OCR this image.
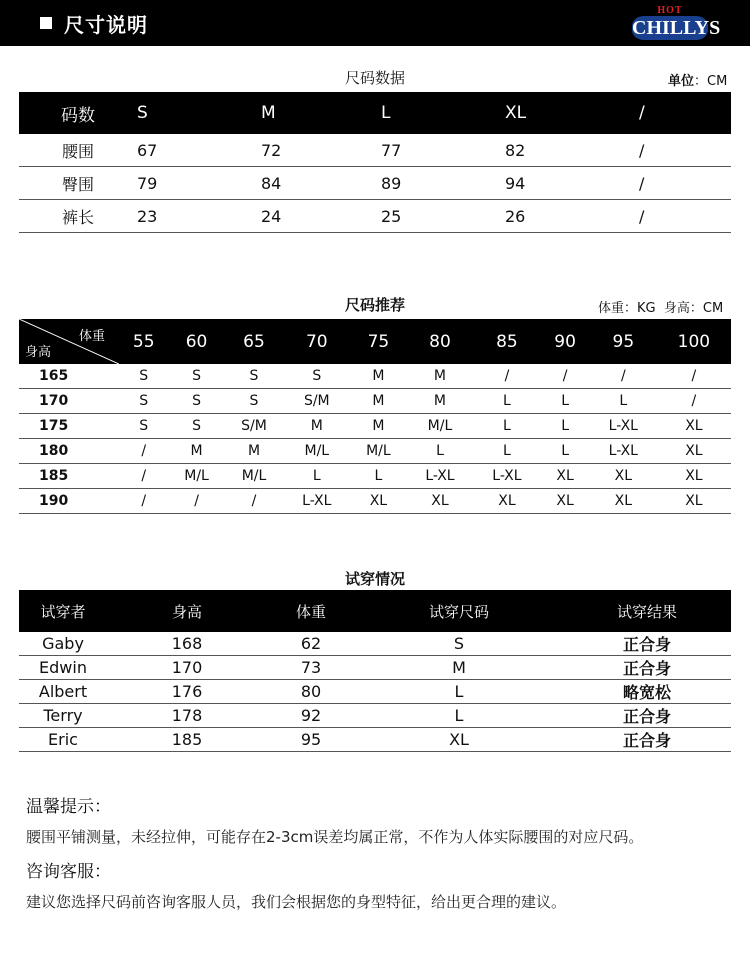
尺寸说明
HOT
CHILLYS
尺码数据	单位：CM
码数	S	M	L	XL	/
腰围	67	72	77	82	/
臀围	79	84	89	94	/
裤长	23	24	25	26	/
尺码推荐	体重：KG  身高：CM
体重
身高	55	60	65	70	75	80	85	90	95	100
165	S	S	S	S	M	M	/	/	/	/
170	S	S	S	S/M	M	M	L	L	L	/
175	S	S	S/M	M	M	M/L	L	L	L-XL	XL
180	/	M	M	M/L	M/L	L	L	L	L-XL	XL
185	/	M/L	M/L	L	L	L-XL	L-XL	XL	XL	XL
190	/	/	/	L-XL	XL	XL	XL	XL	XL	XL
试穿情况
试穿者	身高	体重	试穿尺码	试穿结果
Gaby	168	62	S	正合身
Edwin	170	73	M	正合身
Albert	176	80	L	略宽松
Terry	178	92	L	正合身
Eric	185	95	XL	正合身
温馨提示：
腰围平铺测量，未经拉伸，可能存在2-3cm误差均属正常，不作为人体实际腰围的对应尺码。
咨询客服：
建议您选择尺码前咨询客服人员，我们会根据您的身型特征，给出更合理的建议。
